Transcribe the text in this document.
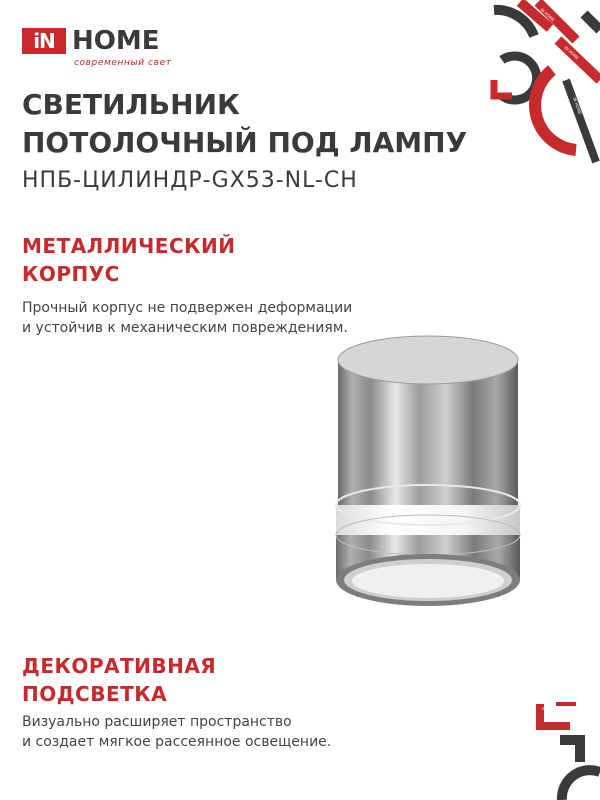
iN HOME
современный свет
IN HOME IN HOME
IN HOME
IN HOME
СВЕТИЛЬНИК
ПОТОЛОЧНЫЙ ПОД ЛАМПУ
НПБ-ЦИЛИНДР-GX53-NL-CH
МЕТАЛЛИЧЕСКИЙ
КОРПУС

Прочный корпус не подвержен деформации
и устойчив к механическим повреждениям.

ДЕКОРАТИВНАЯ
ПОДСВЕТКА

Визуально расширяет пространство
и создает мягкое рассеянное освещение.

IN HOME
